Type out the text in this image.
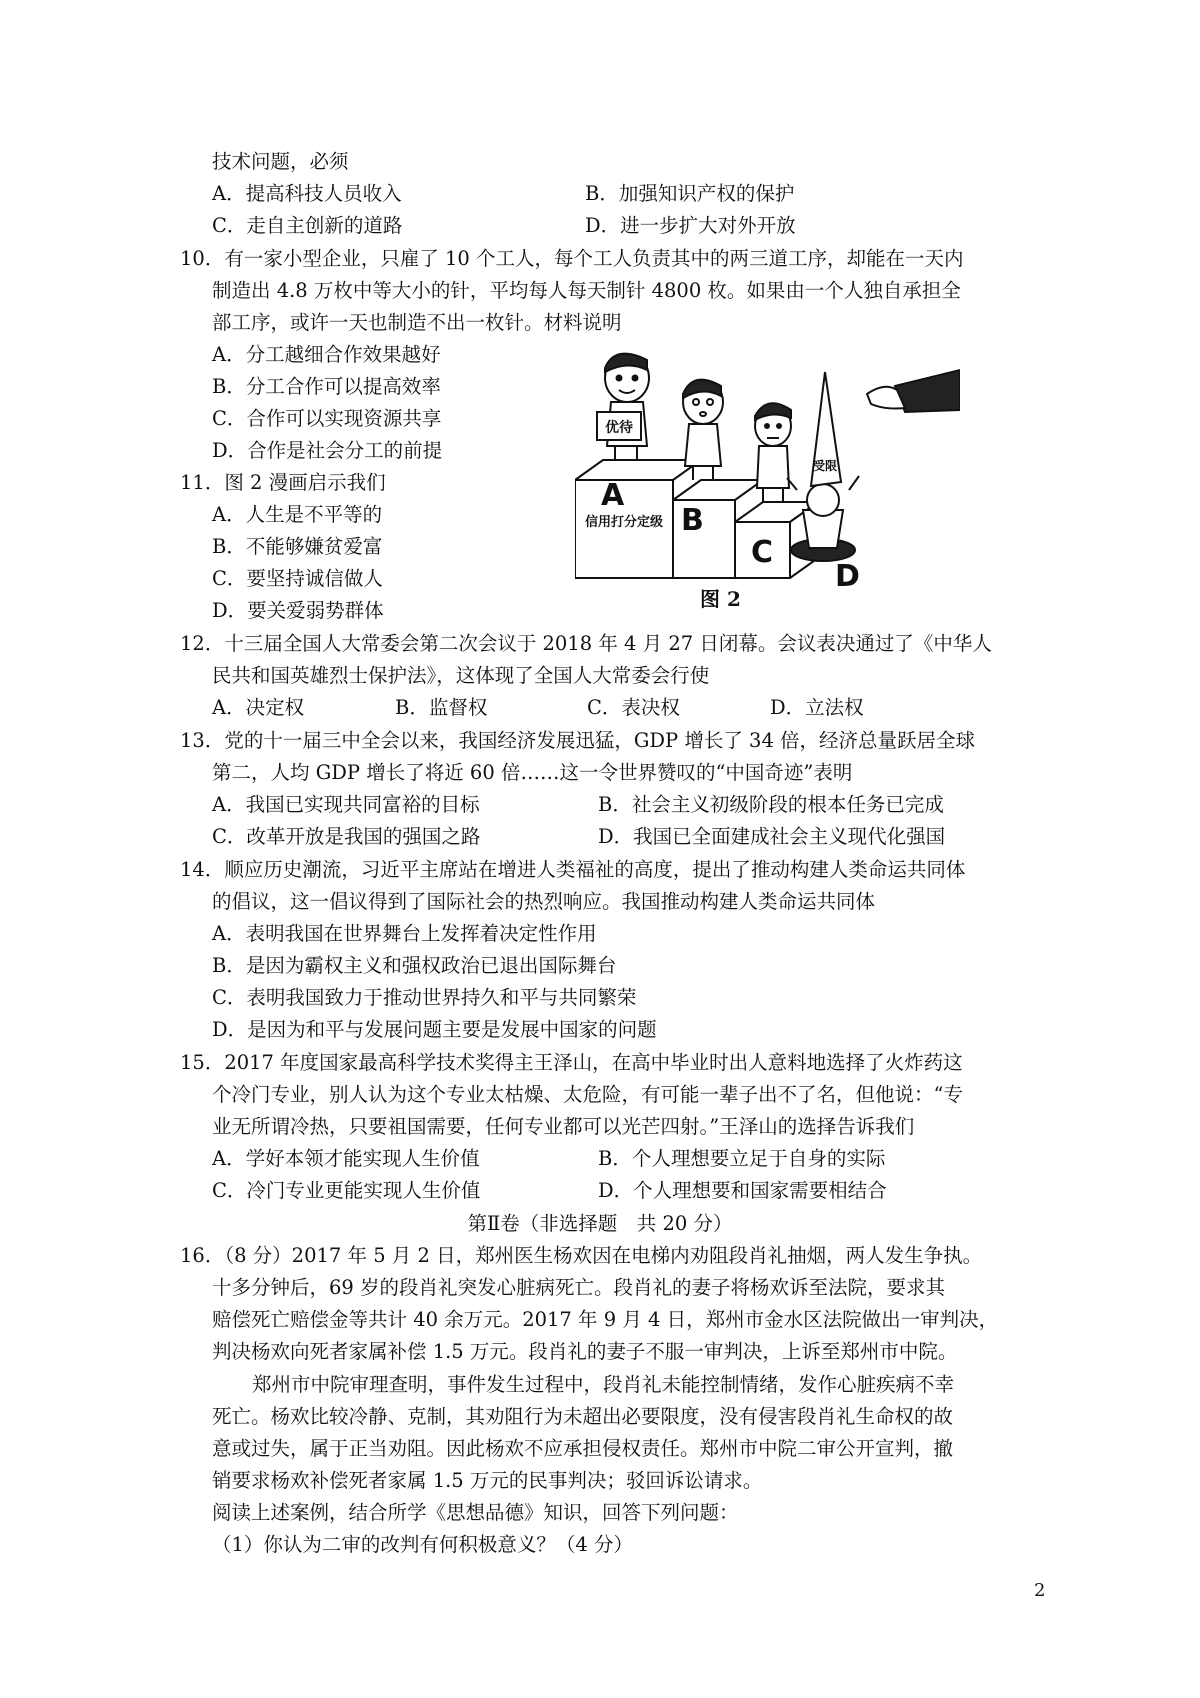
技术问题，必须
A．提高科技人员收入	B．加强知识产权的保护
C．走自主创新的道路	D．进一步扩大对外开放
10．有一家小型企业，只雇了 10 个工人，每个工人负责其中的两三道工序，却能在一天内
制造出 4.8 万枚中等大小的针，平均每人每天制针 4800 枚。如果由一个人独自承担全
部工序，或许一天也制造不出一枚针。材料说明
A．分工越细合作效果越好
B．分工合作可以提高效率
C．合作可以实现资源共享
D．合作是社会分工的前提
11．图 2 漫画启示我们
A．人生是不平等的
B．不能够嫌贫爱富
C．要坚持诚信做人
D．要关爱弱势群体
优待
信用打分定级
受限
A
B
C
D
图 2
12．十三届全国人大常委会第二次会议于 2018 年 4 月 27 日闭幕。会议表决通过了《中华人
民共和国英雄烈士保护法》，这体现了全国人大常委会行使
A．决定权	B．监督权	C．表决权	D．立法权
13．党的十一届三中全会以来，我国经济发展迅猛，GDP 增长了 34 倍，经济总量跃居全球
第二，人均 GDP 增长了将近 60 倍……这一令世界赞叹的“中国奇迹”表明
A．我国已实现共同富裕的目标	B．社会主义初级阶段的根本任务已完成
C．改革开放是我国的强国之路	D．我国已全面建成社会主义现代化强国
14．顺应历史潮流，习近平主席站在增进人类福祉的高度，提出了推动构建人类命运共同体
的倡议，这一倡议得到了国际社会的热烈响应。我国推动构建人类命运共同体
A．表明我国在世界舞台上发挥着决定性作用
B．是因为霸权主义和强权政治已退出国际舞台
C．表明我国致力于推动世界持久和平与共同繁荣
D．是因为和平与发展问题主要是发展中国家的问题
15．2017 年度国家最高科学技术奖得主王泽山，在高中毕业时出人意料地选择了火炸药这
个冷门专业，别人认为这个专业太枯燥、太危险，有可能一辈子出不了名，但他说：“专
业无所谓冷热，只要祖国需要，任何专业都可以光芒四射。”王泽山的选择告诉我们
A．学好本领才能实现人生价值	B．个人理想要立足于自身的实际
C．冷门专业更能实现人生价值	D．个人理想要和国家需要相结合
第Ⅱ卷（非选择题　共 20 分）
16．（8 分）2017 年 5 月 2 日，郑州医生杨欢因在电梯内劝阻段肖礼抽烟，两人发生争执。
十多分钟后，69 岁的段肖礼突发心脏病死亡。段肖礼的妻子将杨欢诉至法院，要求其
赔偿死亡赔偿金等共计 40 余万元。2017 年 9 月 4 日，郑州市金水区法院做出一审判决，
判决杨欢向死者家属补偿 1.5 万元。段肖礼的妻子不服一审判决，上诉至郑州市中院。
郑州市中院审理查明，事件发生过程中，段肖礼未能控制情绪，发作心脏疾病不幸
死亡。杨欢比较冷静、克制，其劝阻行为未超出必要限度，没有侵害段肖礼生命权的故
意或过失，属于正当劝阻。因此杨欢不应承担侵权责任。郑州市中院二审公开宣判，撤
销要求杨欢补偿死者家属 1.5 万元的民事判决；驳回诉讼请求。
阅读上述案例，结合所学《思想品德》知识，回答下列问题：
（1）你认为二审的改判有何积极意义？（4 分）
2
